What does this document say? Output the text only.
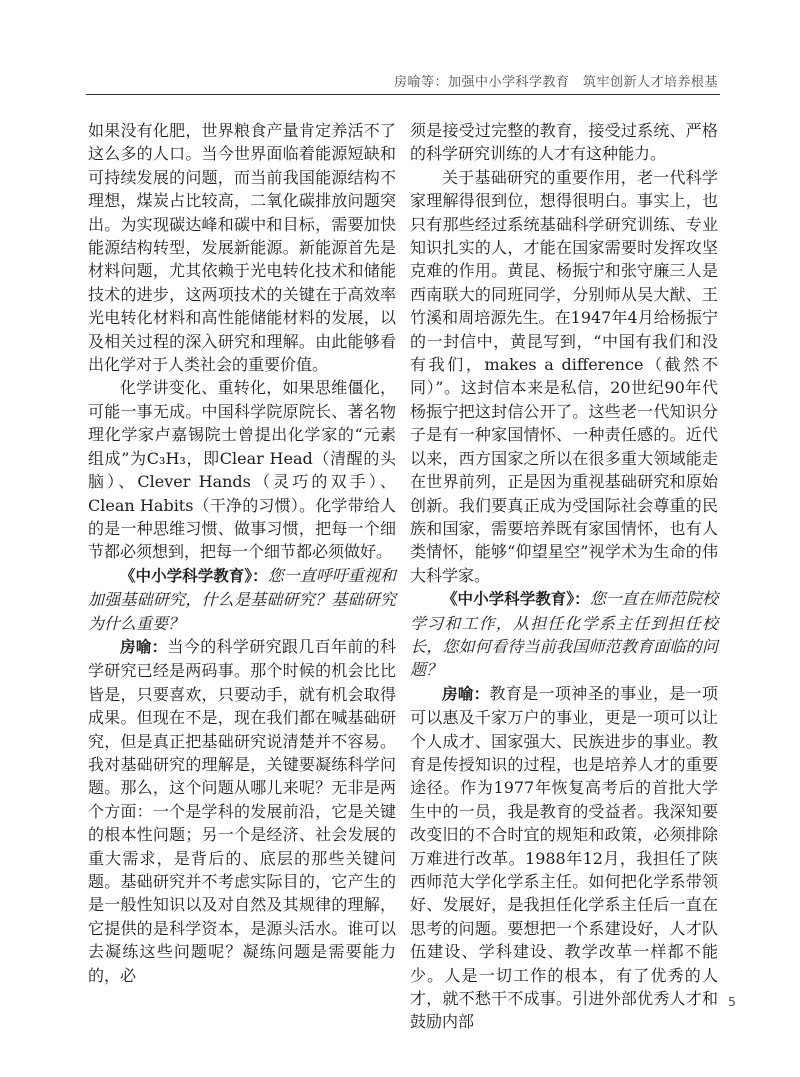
房喻等：加强中小学科学教育　筑牢创新人才培养根基

如果没有化肥，世界粮食产量肯定养活不了这么多的人口。当今世界面临着能源短缺和可持续发展的问题，而当前我国能源结构不理想，煤炭占比较高，二氧化碳排放问题突出。为实现碳达峰和碳中和目标，需要加快能源结构转型，发展新能源。新能源首先是材料问题，尤其依赖于光电转化技术和储能技术的进步，这两项技术的关键在于高效率光电转化材料和高性能储能材料的发展，以及相关过程的深入研究和理解。由此能够看出化学对于人类社会的重要价值。

化学讲变化、重转化，如果思维僵化，可能一事无成。中国科学院原院长、著名物理化学家卢嘉锡院士曾提出化学家的“元素组成”为C₃H₃，即Clear Head（清醒的头脑）、Clever Hands（灵巧的双手）、Clean Habits（干净的习惯）。化学带给人的是一种思维习惯、做事习惯，把每一个细节都必须想到，把每一个细节都必须做好。

《中小学科学教育》：您一直呼吁重视和加强基础研究，什么是基础研究？基础研究为什么重要？

房喻：当今的科学研究跟几百年前的科学研究已经是两码事。那个时候的机会比比皆是，只要喜欢，只要动手，就有机会取得成果。但现在不是，现在我们都在喊基础研究，但是真正把基础研究说清楚并不容易。我对基础研究的理解是，关键要凝练科学问题。那么，这个问题从哪儿来呢？无非是两个方面：一个是学科的发展前沿，它是关键的根本性问题；另一个是经济、社会发展的重大需求，是背后的、底层的那些关键问题。基础研究并不考虑实际目的，它产生的是一般性知识以及对自然及其规律的理解，它提供的是科学资本，是源头活水。谁可以去凝练这些问题呢？凝练问题是需要能力的，必

须是接受过完整的教育，接受过系统、严格的科学研究训练的人才有这种能力。

关于基础研究的重要作用，老一代科学家理解得很到位，想得很明白。事实上，也只有那些经过系统基础科学研究训练、专业知识扎实的人，才能在国家需要时发挥攻坚克难的作用。黄昆、杨振宁和张守廉三人是西南联大的同班同学，分别师从吴大猷、王竹溪和周培源先生。在1947年4月给杨振宁的一封信中，黄昆写到，“中国有我们和没有我们，makes a difference（截然不同）”。这封信本来是私信，20世纪90年代杨振宁把这封信公开了。这些老一代知识分子是有一种家国情怀、一种责任感的。近代以来，西方国家之所以在很多重大领域能走在世界前列，正是因为重视基础研究和原始创新。我们要真正成为受国际社会尊重的民族和国家，需要培养既有家国情怀，也有人类情怀，能够“仰望星空”视学术为生命的伟大科学家。

《中小学科学教育》：您一直在师范院校学习和工作，从担任化学系主任到担任校长，您如何看待当前我国师范教育面临的问题？

房喻：教育是一项神圣的事业，是一项可以惠及千家万户的事业，更是一项可以让个人成才、国家强大、民族进步的事业。教育是传授知识的过程，也是培养人才的重要途径。作为1977年恢复高考后的首批大学生中的一员，我是教育的受益者。我深知要改变旧的不合时宜的规矩和政策，必须排除万难进行改革。1988年12月，我担任了陕西师范大学化学系主任。如何把化学系带领好、发展好，是我担任化学系主任后一直在思考的问题。要想把一个系建设好，人才队伍建设、学科建设、教学改革一样都不能少。人是一切工作的根本，有了优秀的人才，就不愁干不成事。引进外部优秀人才和鼓励内部

5
